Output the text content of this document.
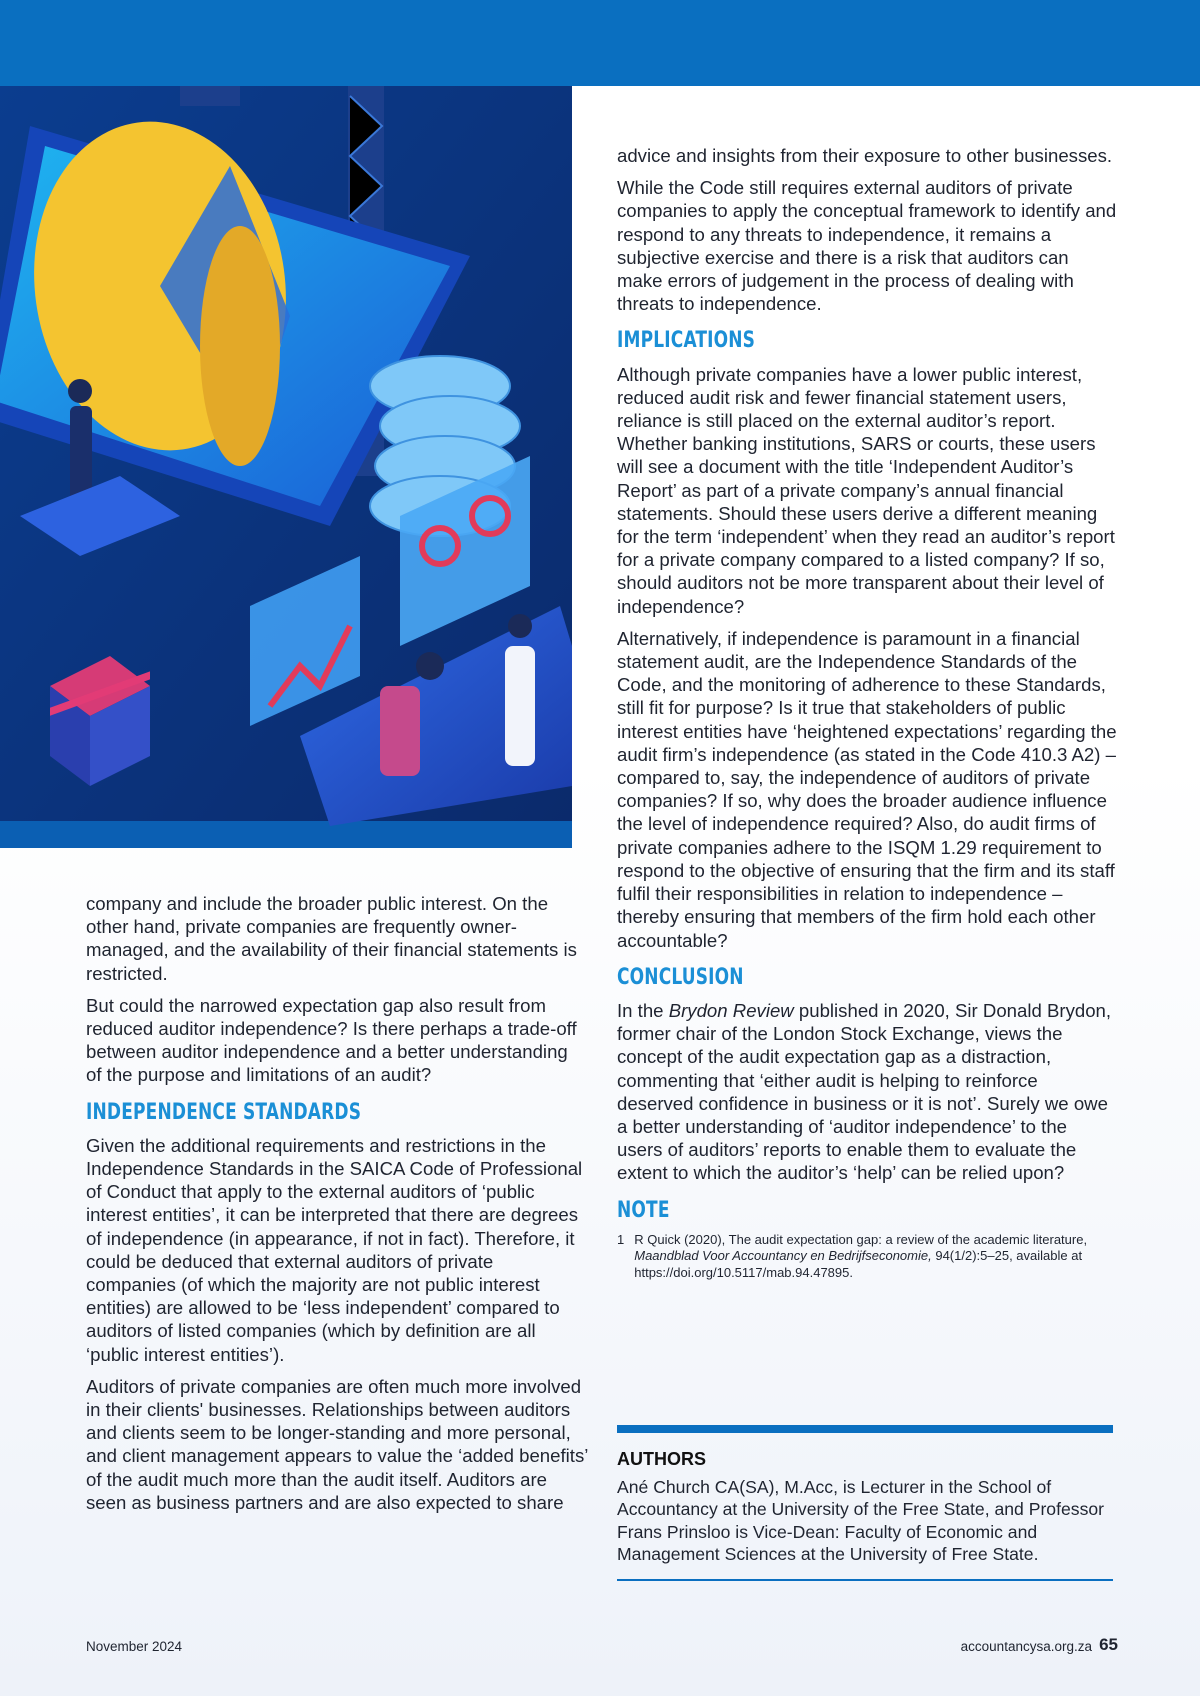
company and include the broader public interest. On the other hand, private companies are frequently owner-managed, and the availability of their financial statements is restricted.

But could the narrowed expectation gap also result from reduced auditor independence? Is there perhaps a trade-off between auditor independence and a better understanding of the purpose and limitations of an audit?

INDEPENDENCE STANDARDS

Given the additional requirements and restrictions in the Independence Standards in the SAICA Code of Professional of Conduct that apply to the external auditors of ‘public interest entities’, it can be interpreted that there are degrees of independence (in appearance, if not in fact). Therefore, it could be deduced that external auditors of private companies (of which the majority are not public interest entities) are allowed to be ‘less independent’ compared to auditors of listed companies (which by definition are all ‘public interest entities’).

Auditors of private companies are often much more involved in their clients' businesses. Relationships between auditors and clients seem to be longer-standing and more personal, and client management appears to value the ‘added benefits’ of the audit much more than the audit itself. Auditors are seen as business partners and are also expected to share

advice and insights from their exposure to other businesses.

While the Code still requires external auditors of private companies to apply the conceptual framework to identify and respond to any threats to independence, it remains a subjective exercise and there is a risk that auditors can make errors of judgement in the process of dealing with threats to independence.

IMPLICATIONS

Although private companies have a lower public interest, reduced audit risk and fewer financial statement users, reliance is still placed on the external auditor’s report. Whether banking institutions, SARS or courts, these users will see a document with the title ‘Independent Auditor’s Report’ as part of a private company’s annual financial statements. Should these users derive a different meaning for the term ‘independent’ when they read an auditor’s report for a private company compared to a listed company? If so, should auditors not be more transparent about their level of independence?

Alternatively, if independence is paramount in a financial statement audit, are the Independence Standards of the Code, and the monitoring of adherence to these Standards, still fit for purpose? Is it true that stakeholders of public interest entities have ‘heightened expectations’ regarding the audit firm’s independence (as stated in the Code 410.3 A2) – compared to, say, the independence of auditors of private companies? If so, why does the broader audience influence the level of independence required? Also, do audit firms of private companies adhere to the ISQM 1.29 requirement to respond to the objective of ensuring that the firm and its staff fulfil their responsibilities in relation to independence – thereby ensuring that members of the firm hold each other accountable?

CONCLUSION

In the Brydon Review published in 2020, Sir Donald Brydon, former chair of the London Stock Exchange, views the concept of the audit expectation gap as a distraction, commenting that ‘either audit is helping to reinforce deserved confidence in business or it is not’. Surely we owe a better understanding of ‘auditor independence’ to the users of auditors’ reports to enable them to evaluate the extent to which the auditor’s ‘help’ can be relied upon?

NOTE
1 R Quick (2020), The audit expectation gap: a review of the academic literature, Maandblad Voor Accountancy en Bedrijfseconomie, 94(1/2):5–25, available at https://doi.org/10.5117/mab.94.47895.
AUTHORS

Ané Church CA(SA), M.Acc, is Lecturer in the School of Accountancy at the University of the Free State, and Professor Frans Prinsloo is Vice-Dean: Faculty of Economic and Management Sciences at the University of Free State.

November 2024	accountancysa.org.za 65
